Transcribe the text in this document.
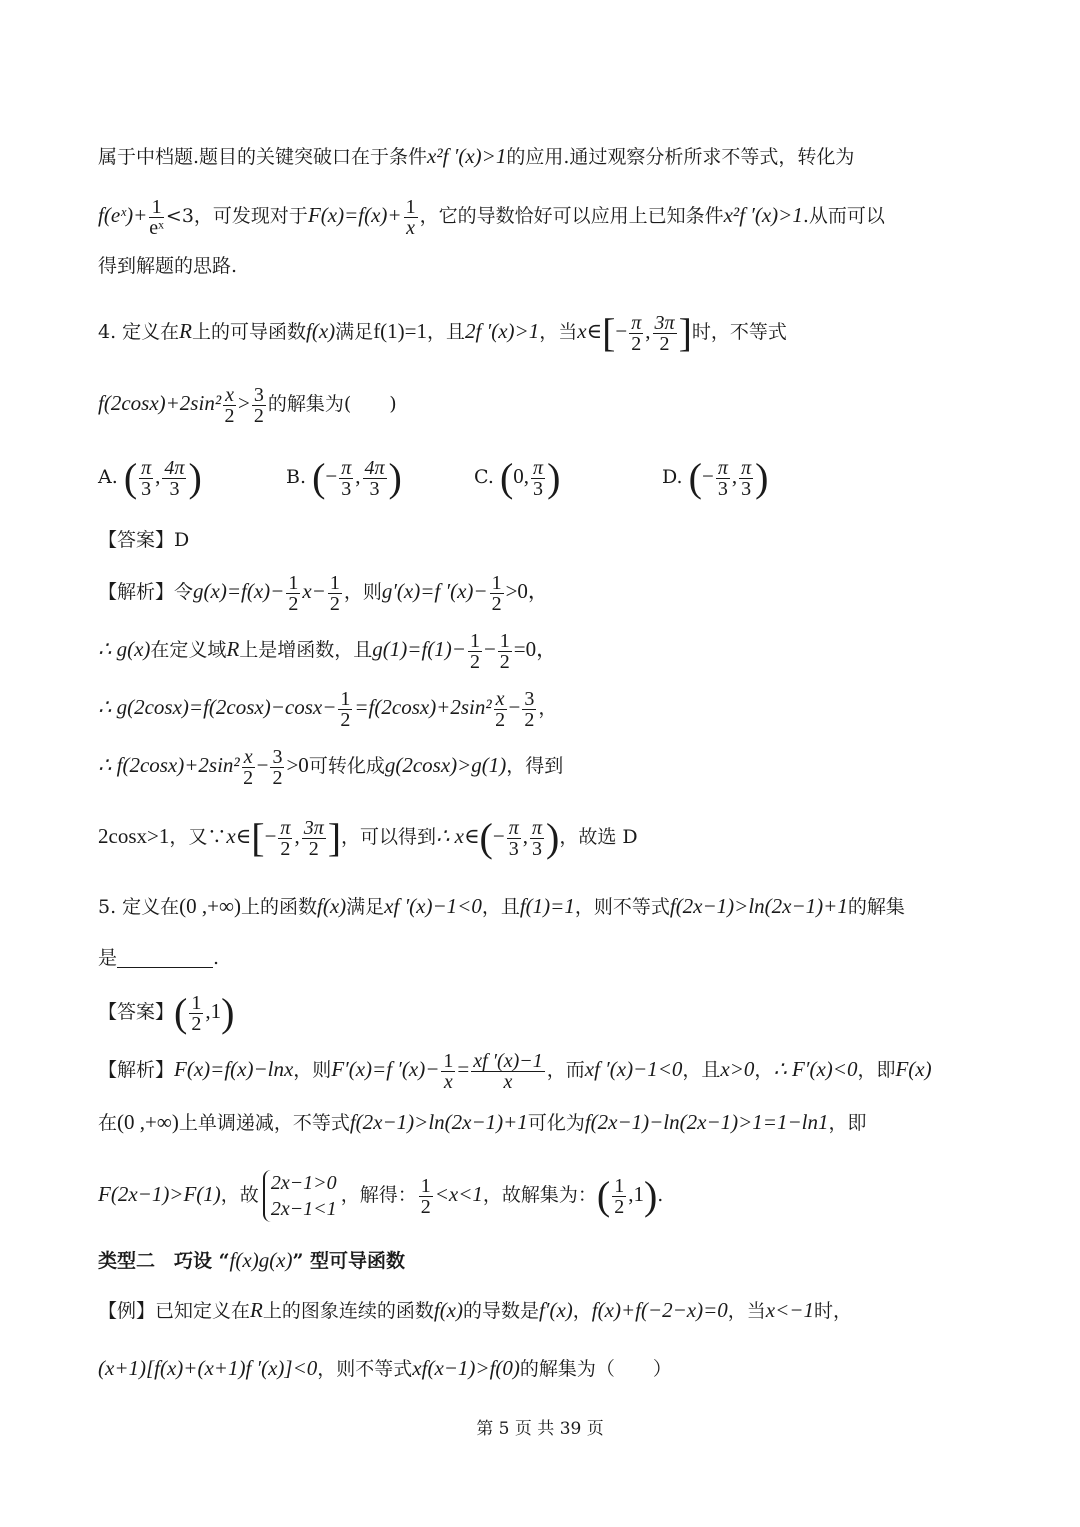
属于中档题.题目的关键突破口在于条件x²f ′(x)>1的应用.通过观察分析所求不等式，转化为
f(eˣ)+ $\frac{1}{\text{eˣ}} <3$，可发现对于$F(x)=f(x)+ \frac{1}{x}$ ，它的导数恰好可以应用上已知条件x²f ′(x)>1.从而可以
得到解题的思路.
4. 定义在R上的可导函数f(x)满足f(1)=1，且2f ′(x)>1，当x∈[− $\frac{\pi}{2}$ , $\frac{3\pi}{2}$ ]时，不等式
$f(2\cos x)+2\sin^2 \frac{x}{2} > \frac{3}{2}$ 的解集为(　　)
A. ( $\frac{\pi}{3}$ , $\frac{4\pi}{3}$ )	B. (− $\frac{\pi}{3}$ , $\frac{4\pi}{3}$ )	C. (0, $\frac{\pi}{3}$ )	D. (− $\frac{\pi}{3}$ , $\frac{\pi}{3}$ )
【答案】D
【解析】令$g(x)=f(x)- \frac{1}{2} x- \frac{1}{2}$ ，则g′(x)=f $'(x)- \frac{1}{2} >0$，
∴ g(x)在定义域R上是增函数，且$g(1)=f(1)- \frac{1}{2} - \frac{1}{2} =0$，
∴ $g(2\cos x)=f(2\cos x)-\cos x- \frac{1}{2} =f(2\cos x)+2\sin^2 \frac{x}{2} - \frac{3}{2}$ ，
∴ $f(2\cos x)+2\sin^2 \frac{x}{2} - \frac{3}{2} >0$可转化成g(2cosx)>g(1)，得到
2cosx>1，又∵x∈[− $\frac{\pi}{2}$ , $\frac{3\pi}{2}$ ]，可以得到∴ x∈(− $\frac{\pi}{3}$ , $\frac{\pi}{3}$ )，故选 D
5. 定义在(0 ,+∞)上的函数f(x)满足xf ′(x)−1<0，且f(1)=1，则不等式f(2x−1)>ln(2x−1)+1的解集
是	.
【答案】( $\frac{1}{2} ,1$)
【解析】F(x)=f(x)−lnx，则F′(x)=f $'(x)- \frac{1}{x} = \frac{xf '(x)-1}{x}$ ，而xf ′(x)−1<0，且x>0，∴ F′(x)<0，即F(x)
在(0 ,+∞)上单调递减，不等式f(2x−1)>ln(2x−1)+1可化为f(2x−1)−ln(2x−1)>1=1−ln1，即
F(2x−1)>F(1)，故
2x−1>0
2x−1<1
，解得： $\frac{1}{2} <x<1$，故解集为：( $\frac{1}{2} ,1$).
类型二　巧设 “f(x)g(x)” 型可导函数
【例】已知定义在R上的图象连续的函数f(x)的导数是f′(x)，f(x)+f(−2−x)=0，当x<−1时，
(x+1)[f(x)+(x+1)f ′(x)]<0，则不等式xf(x−1)>f(0)的解集为（　　）
第 5 页 共 39 页
